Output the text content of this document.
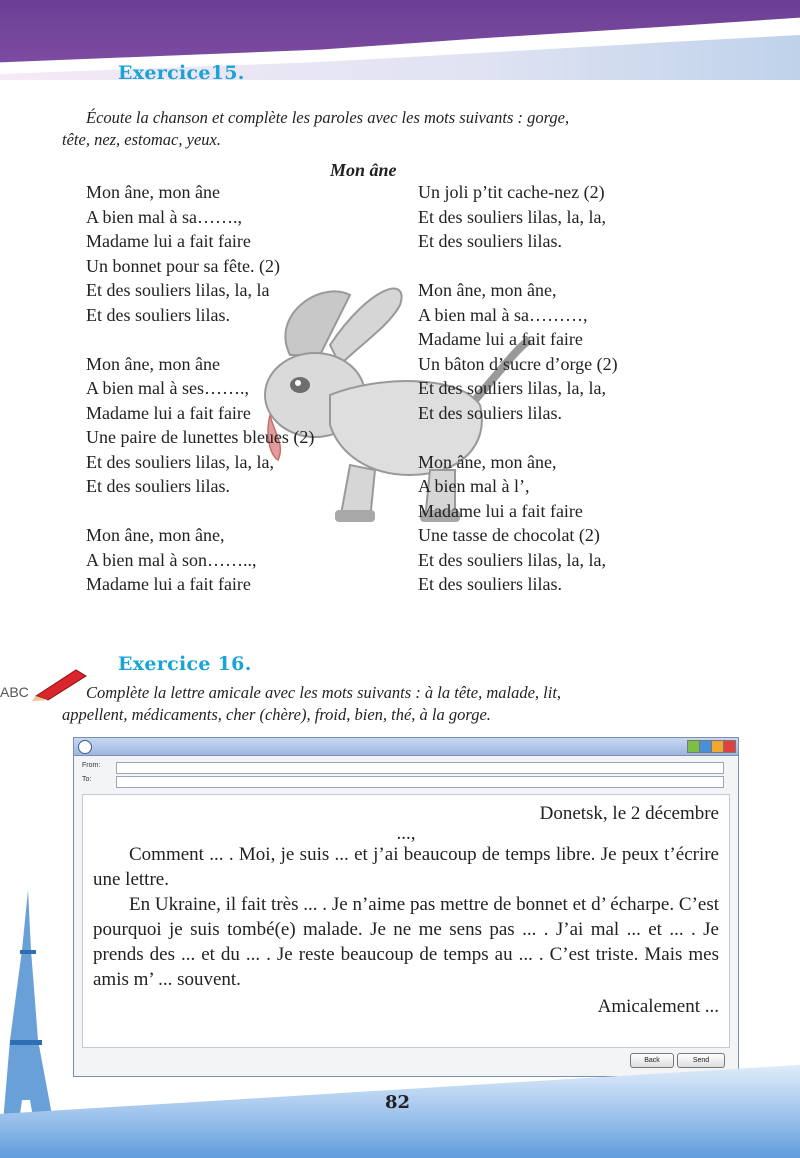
Exercice15.
Écoute la chanson et complète les paroles avec les mots suivants : gorge,
tête, nez, estomac, yeux.
Mon âne
Mon âne, mon âne
A bien mal à sa…….,
Madame lui a fait faire
Un bonnet pour sa fête. (2)
Et des souliers lilas, la, la
Et des souliers lilas.
Mon âne, mon âne
A bien mal à ses…….,
Madame lui a fait faire
Une paire de lunettes bleues (2)
Et des souliers lilas, la, la,
Et des souliers lilas.
Mon âne, mon âne,
A bien mal à son……..,
Madame lui a fait faire
Un joli p’tit cache-nez (2)
Et des souliers lilas, la, la,
Et des souliers lilas.
Mon âne, mon âne,
A bien mal à sa………,
Madame lui a fait faire
Un bâton d’sucre d’orge (2)
Et des souliers lilas, la, la,
Et des souliers lilas.
Mon âne, mon âne,
A bien mal à l’,
Madame lui a fait faire
Une tasse de chocolat (2)
Et des souliers lilas, la, la,
Et des souliers lilas.
ABC
Exercice 16.
Complète la lettre amicale avec les mots suivants : à la tête, malade, lit,
appellent, médicaments, cher (chère), froid, bien, thé, à la gorge.
From:
To:

Donetsk, le 2 décembre

...,

Comment ... . Moi, je suis ... et j’ai beaucoup de temps libre. Je peux t’écrire une lettre.

En Ukraine, il fait très ... . Je n’aime pas mettre de bonnet et d’ écharpe. C’est pourquoi je suis tombé(e) malade. Je ne me sens pas ... . J’ai mal ... et ... . Je prends des ... et du ... . Je reste beaucoup de temps au ... . C’est triste. Mais mes amis m’ ... souvent.

Amicalement ...

Back	Send
82
